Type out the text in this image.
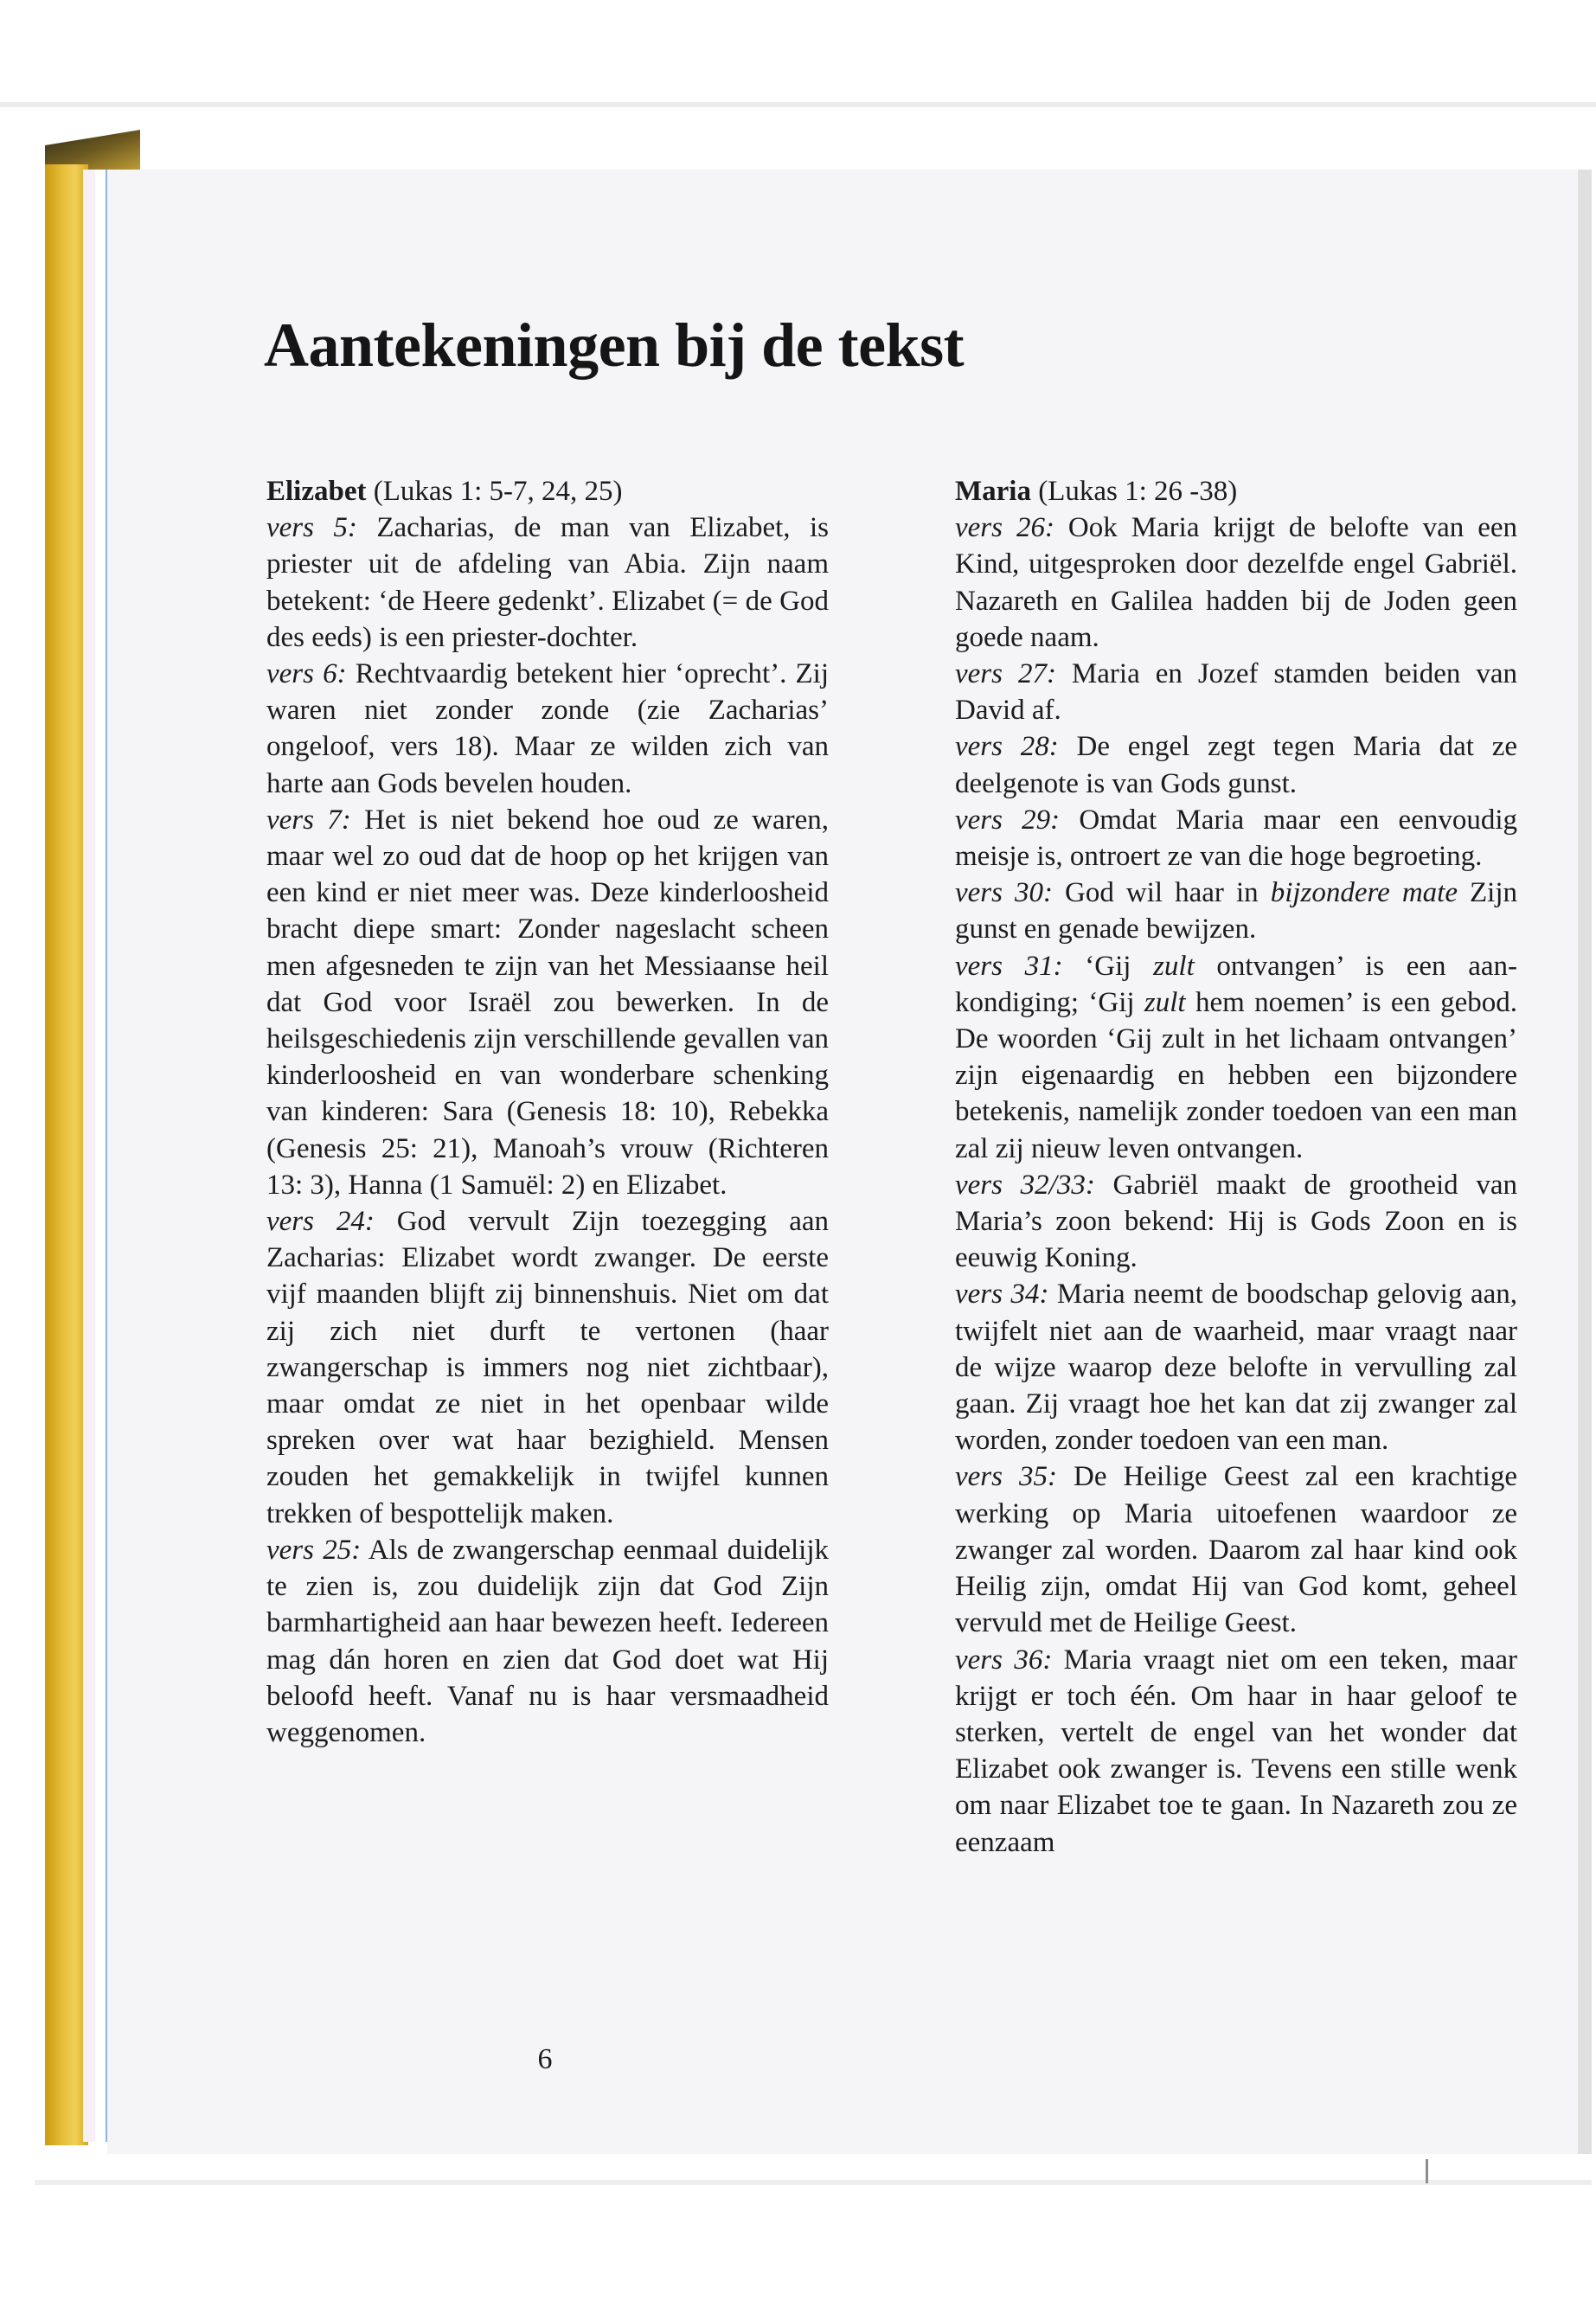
Aantekeningen bij de tekst

Elizabet (Lukas 1: 5-7, 24, 25)

vers 5: Zacharias, de man van Elizabet, is priester uit de afdeling van Abia. Zijn naam betekent: ‘de Heere gedenkt’. Elizabet (= de God des eeds) is een priester-dochter.

vers 6: Rechtvaardig betekent hier ‘oprecht’. Zij waren niet zonder zonde (zie Zacharias’ ongeloof, vers 18). Maar ze wilden zich van harte aan Gods bevelen houden.

vers 7: Het is niet bekend hoe oud ze waren, maar wel zo oud dat de hoop op het krijgen van een kind er niet meer was. Deze kinderloosheid bracht diepe smart: Zonder nageslacht scheen men afgesneden te zijn van het Messiaanse heil dat God voor Israël zou bewerken. In de heilsgeschiedenis zijn verschillende gevallen van kinderloosheid en van wonderbare schenking van kinderen: Sara (Genesis 18: 10), Rebekka (Genesis 25: 21), Manoah’s vrouw (Richteren 13: 3), Hanna (1 Samuël: 2) en Elizabet.

vers 24: God vervult Zijn toezegging aan Zacharias: Elizabet wordt zwanger. De eerste vijf maanden blijft zij binnenshuis. Niet om dat zij zich niet durft te vertonen (haar zwangerschap is immers nog niet zichtbaar), maar omdat ze niet in het openbaar wilde spreken over wat haar bezighield. Mensen zouden het gemakkelijk in twijfel kunnen trekken of bespottelijk maken.

vers 25: Als de zwangerschap eenmaal duidelijk te zien is, zou duidelijk zijn dat God Zijn barmhartigheid aan haar bewezen heeft. Iedereen mag dán horen en zien dat God doet wat Hij beloofd heeft. Vanaf nu is haar versmaadheid weggenomen.

Maria (Lukas 1: 26 -38)

vers 26: Ook Maria krijgt de belofte van een Kind, uitgesproken door dezelfde engel Gabriël. Nazareth en Galilea hadden bij de Joden geen goede naam.

vers 27: Maria en Jozef stamden beiden van David af.

vers 28: De engel zegt tegen Maria dat ze deelgenote is van Gods gunst.

vers 29: Omdat Maria maar een eenvoudig meisje is, ontroert ze van die hoge begroeting.

vers 30: God wil haar in bijzondere mate Zijn gunst en genade bewijzen.

vers 31: ‘Gij zult ontvangen’ is een aankondiging; ‘Gij zult hem noemen’ is een gebod. De woorden ‘Gij zult in het lichaam ontvangen’ zijn eigenaardig en hebben een bijzondere betekenis, namelijk zonder toedoen van een man zal zij nieuw leven ontvangen.

vers 32/33: Gabriël maakt de grootheid van Maria’s zoon bekend: Hij is Gods Zoon en is eeuwig Koning.

vers 34: Maria neemt de boodschap gelovig aan, twijfelt niet aan de waarheid, maar vraagt naar de wijze waarop deze belofte in vervulling zal gaan. Zij vraagt hoe het kan dat zij zwanger zal worden, zonder toedoen van een man.

vers 35: De Heilige Geest zal een krachtige werking op Maria uitoefenen waardoor ze zwanger zal worden. Daarom zal haar kind ook Heilig zijn, omdat Hij van God komt, geheel vervuld met de Heilige Geest.

vers 36: Maria vraagt niet om een teken, maar krijgt er toch één. Om haar in haar geloof te sterken, vertelt de engel van het wonder dat Elizabet ook zwanger is. Tevens een stille wenk om naar Elizabet toe te gaan. In Nazareth zou ze eenzaam

6
